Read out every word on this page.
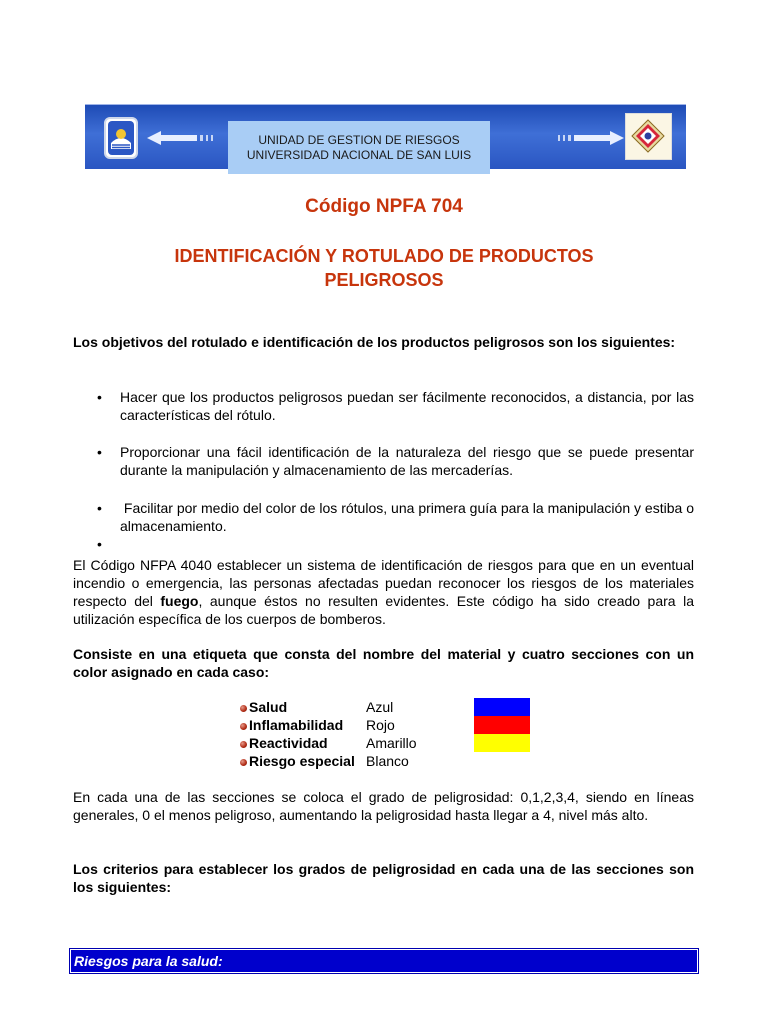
UNIDAD DE GESTION DE RIESGOS
UNIVERSIDAD NACIONAL DE SAN LUIS
Código NPFA 704
IDENTIFICACIÓN Y ROTULADO DE PRODUCTOS
PELIGROSOS
Los objetivos del rotulado e identificación de los productos peligrosos son los siguientes:
• Hacer que los productos peligrosos puedan ser fácilmente reconocidos, a distancia, por las características del rótulo.
• Proporcionar una fácil identificación de la naturaleza del riesgo que se puede presentar durante la manipulación y almacenamiento de las mercaderías.
• Facilitar por medio del color de los rótulos, una primera guía para la manipulación y estiba o almacenamiento.
•
El Código NFPA 4040 establecer un sistema de identificación de riesgos para que en un eventual incendio o emergencia, las personas afectadas puedan reconocer los riesgos de los materiales respecto del fuego, aunque éstos no resulten evidentes. Este código ha sido creado para la utilización específica de los cuerpos de bomberos.
Consiste en una etiqueta que consta del nombre del material y cuatro secciones con un color asignado en cada caso:
Salud	Azul
Inflamabilidad Rojo
Reactividad	Amarillo
Riesgo especial Blanco
En cada una de las secciones se coloca el grado de peligrosidad: 0,1,2,3,4, siendo en líneas generales, 0 el menos peligroso, aumentando la peligrosidad hasta llegar a 4, nivel más alto.
Los criterios para establecer los grados de peligrosidad en cada una de las secciones son los siguientes:
Riesgos para la salud:
